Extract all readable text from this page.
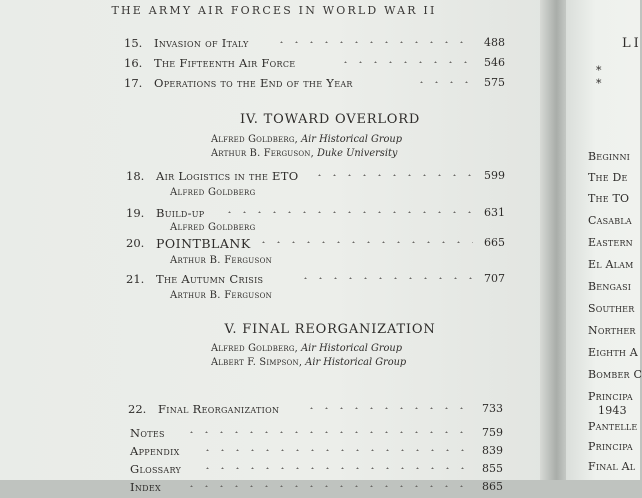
THE ARMY AIR FORCES IN WORLD WAR II
15. Invasion of Italy	488
16. The Fifteenth Air Force	546
17. Operations to the End of the Year	575
IV. TOWARD OVERLORD
Alfred Goldberg, Air Historical Group
Arthur B. Ferguson, Duke University
18. Air Logistics in the ETO	599
Alfred Goldberg
19. Build-up	631
Alfred Goldberg
20. POINTBLANK	665
Arthur B. Ferguson
21. The Autumn Crisis	707
Arthur B. Ferguson
V. FINAL REORGANIZATION
Alfred Goldberg, Air Historical Group
Albert F. Simpson, Air Historical Group
22. Final Reorganization	733
Notes	759
Appendix	839
Glossary	855
Index	865
LI
* *
Beginni
The De
The TO
Casabla
Eastern
El Alam
Bengasi
Souther
Norther
Eighth A
Bomber C
Principa
1943
Pantelle
Principa
Final Al
